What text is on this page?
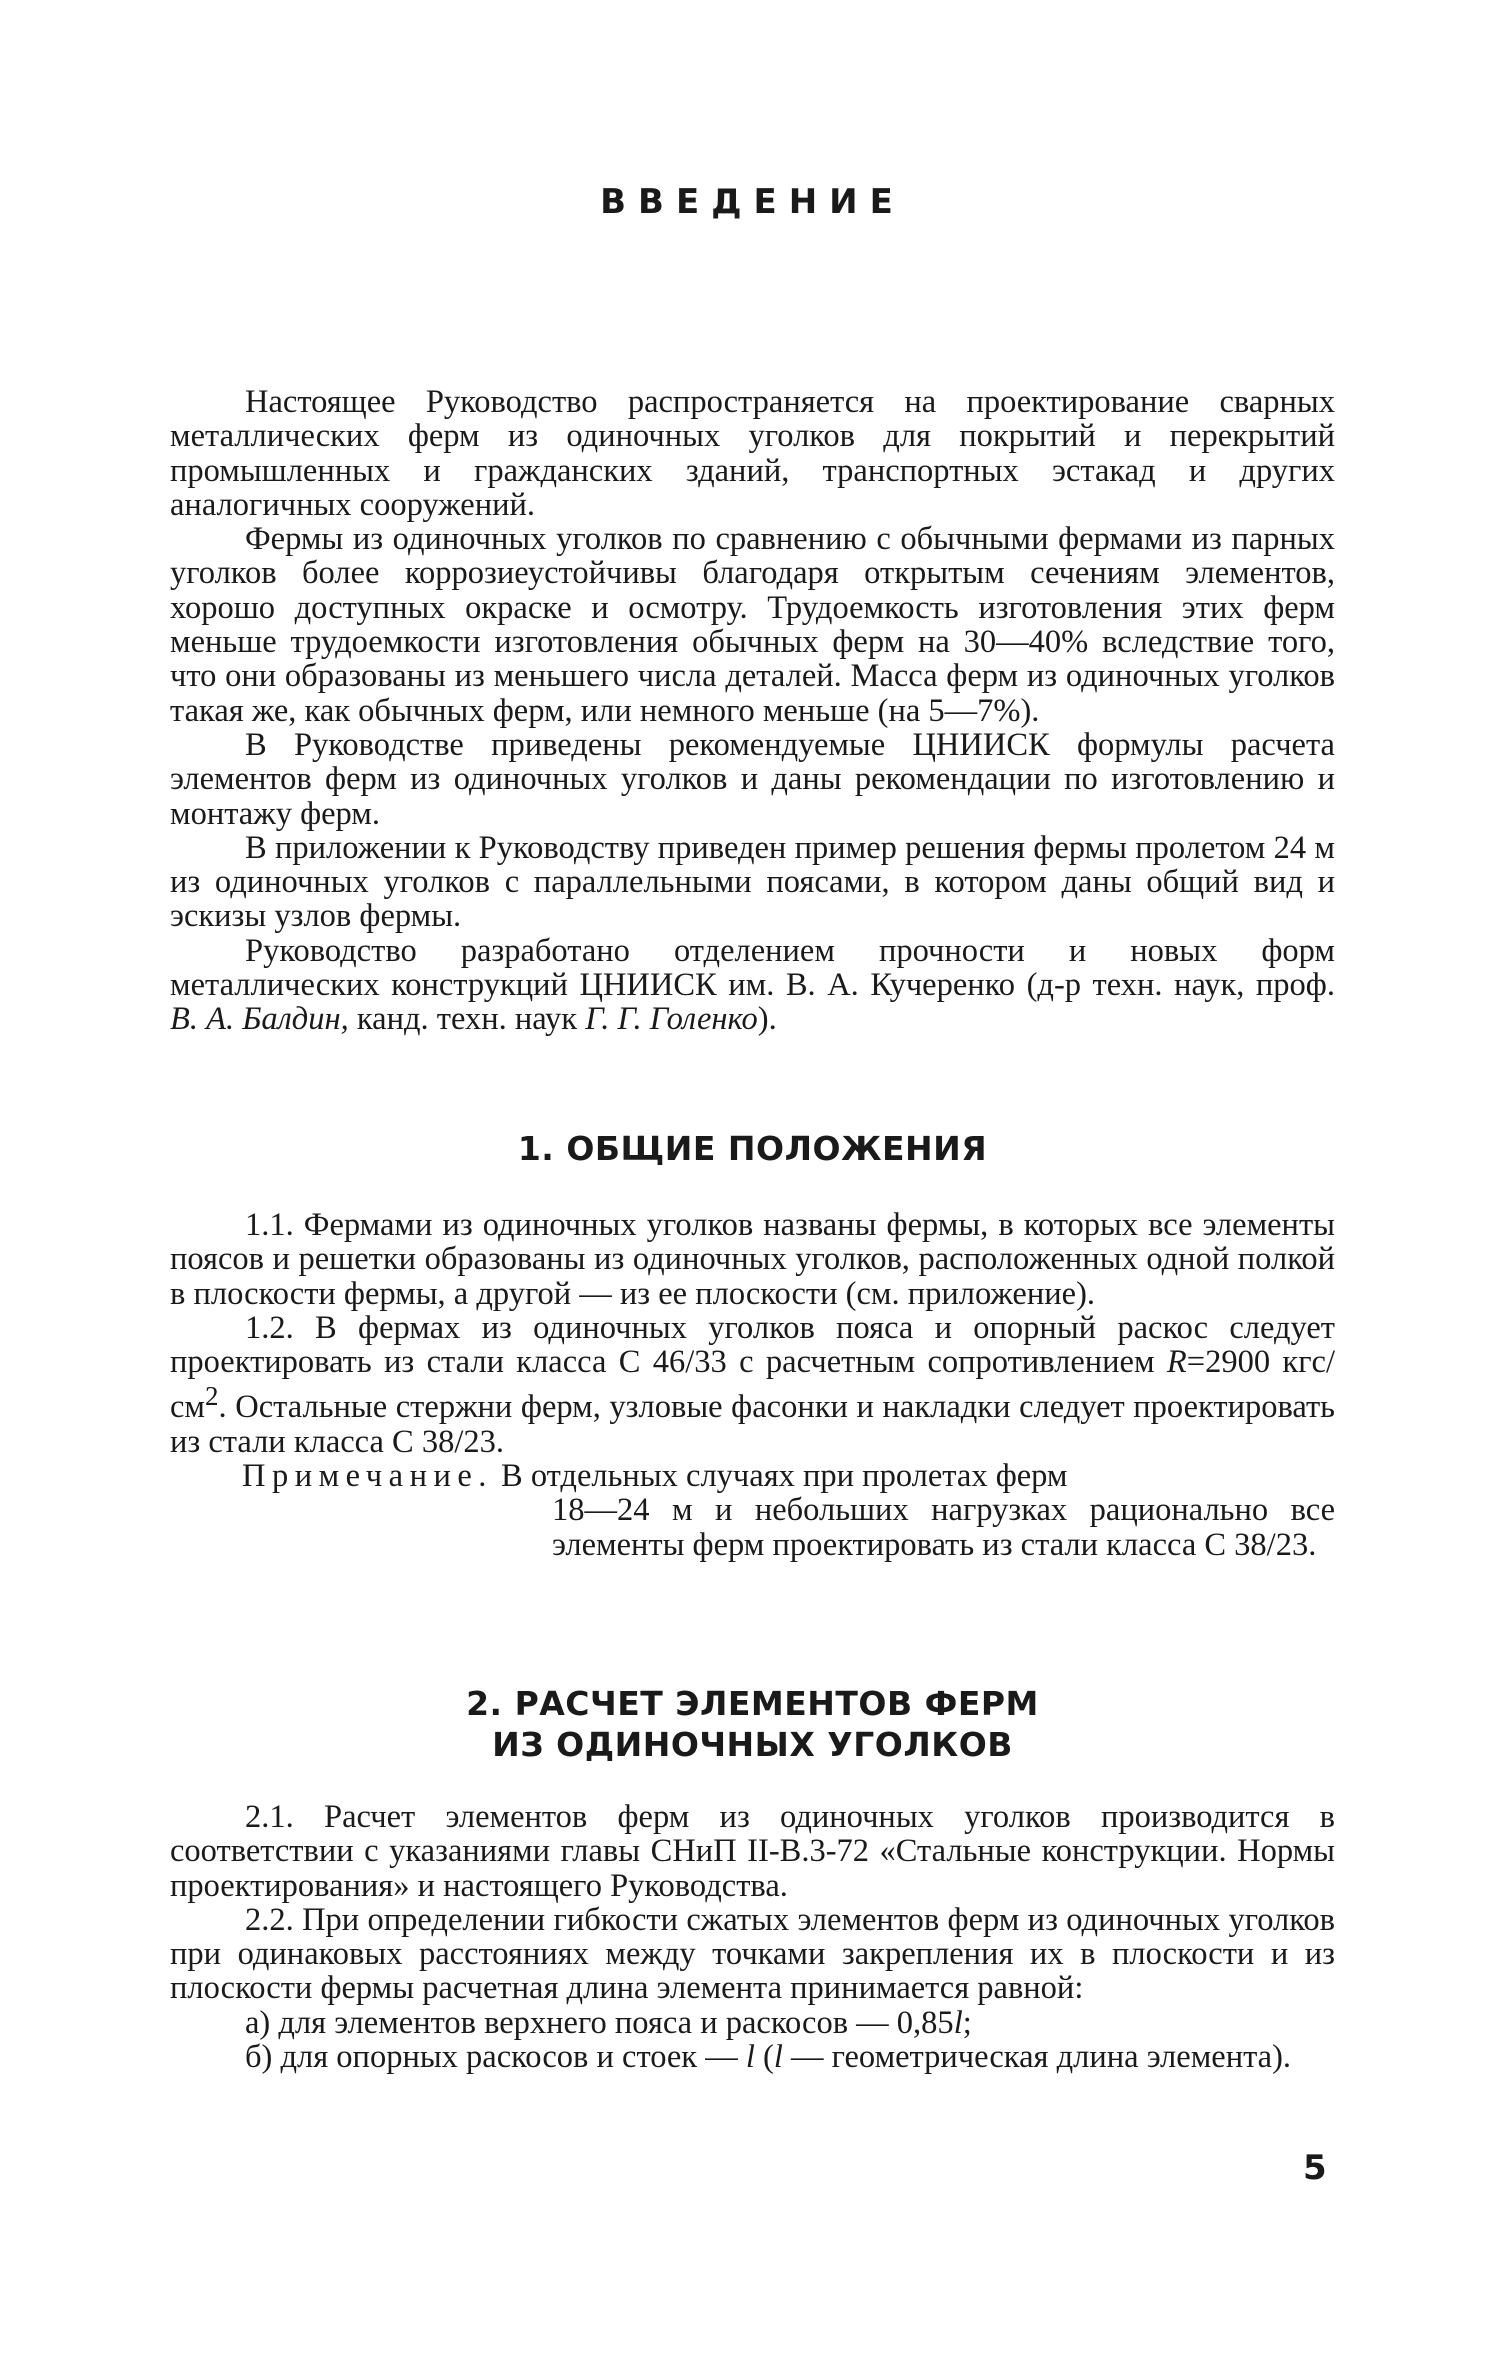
ВВЕДЕНИЕ

Настоящее Руководство распространяется на проектирование сварных металлических ферм из одиночных уголков для покрытий и перекрытий промышленных и гражданских зданий, транспортных эстакад и других аналогичных сооружений.

Фермы из одиночных уголков по сравнению с обычными фермами из парных уголков более коррозиеустойчивы благодаря открытым сечениям элементов, хорошо доступных окраске и осмотру. Трудоемкость изготовления этих ферм меньше трудоемкости изготовления обычных ферм на 30—40% вследствие того, что они образованы из меньшего числа деталей. Масса ферм из одиночных уголков такая же, как обычных ферм, или немного меньше (на 5—7%).

В Руководстве приведены рекомендуемые ЦНИИСК формулы расчета элементов ферм из одиночных уголков и даны рекомендации по изготовлению и монтажу ферм.

В приложении к Руководству приведен пример решения фермы пролетом 24 м из одиночных уголков с параллельными поясами, в котором даны общий вид и эскизы узлов фермы.

Руководство разработано отделением прочности и новых форм металлических конструкций ЦНИИСК им. В. А. Кучеренко (д-р техн. наук, проф. В. А. Балдин, канд. техн. наук Г. Г. Голенко).

1. ОБЩИЕ ПОЛОЖЕНИЯ

1.1. Фермами из одиночных уголков названы фермы, в которых все элементы поясов и решетки образованы из одиночных уголков, расположенных одной полкой в плоскости фермы, а другой — из ее плоскости (см. приложение).

1.2. В фермах из одиночных уголков пояса и опорный раскос следует проектировать из стали класса С 46/33 с расчетным сопротивлением R=2900 кгс/$см^2$. Остальные стержни ферм, узловые фасонки и накладки следует проектировать из стали класса С 38/23.

Примечание. В отдельных случаях при пролетах ферм
18—24 м и небольших нагрузках рационально все элементы ферм проектировать из стали класса С 38/23.
2. РАСЧЕТ ЭЛЕМЕНТОВ ФЕРМ
ИЗ ОДИНОЧНЫХ УГОЛКОВ

2.1. Расчет элементов ферм из одиночных уголков производится в соответствии с указаниями главы СНиП II-В.3-72 «Стальные конструкции. Нормы проектирования» и настоящего Руководства.

2.2. При определении гибкости сжатых элементов ферм из одиночных уголков при одинаковых расстояниях между точками закрепления их в плоскости и из плоскости фермы расчетная длина элемента принимается равной:

а) для элементов верхнего пояса и раскосов — 0,85l;

б) для опорных раскосов и стоек — l (l — геометрическая длина элемента).

5
